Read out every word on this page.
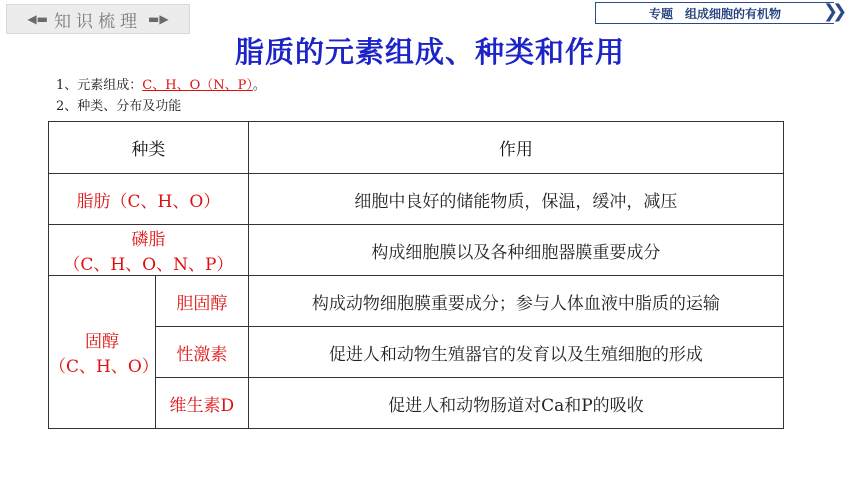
◀▬ 知识梳理 ▬▶	专题　组成细胞的有机物 ❯❯
脂质的元素组成、种类和作用
1、元素组成：C、H、O（N、P）。
2、种类、分布及功能
种类		作用
脂肪（C、H、O）		细胞中良好的储能物质，保温，缓冲，减压

磷脂
（C、H、O、N、P）		构成细胞膜以及各种细胞器膜重要成分

固醇
（C、H、O）	胆固醇	构成动物细胞膜重要成分；参与人体血液中脂质的运输
	性激素	促进人和动物生殖器官的发育以及生殖细胞的形成
	维生素D	促进人和动物肠道对Ca和P的吸收
